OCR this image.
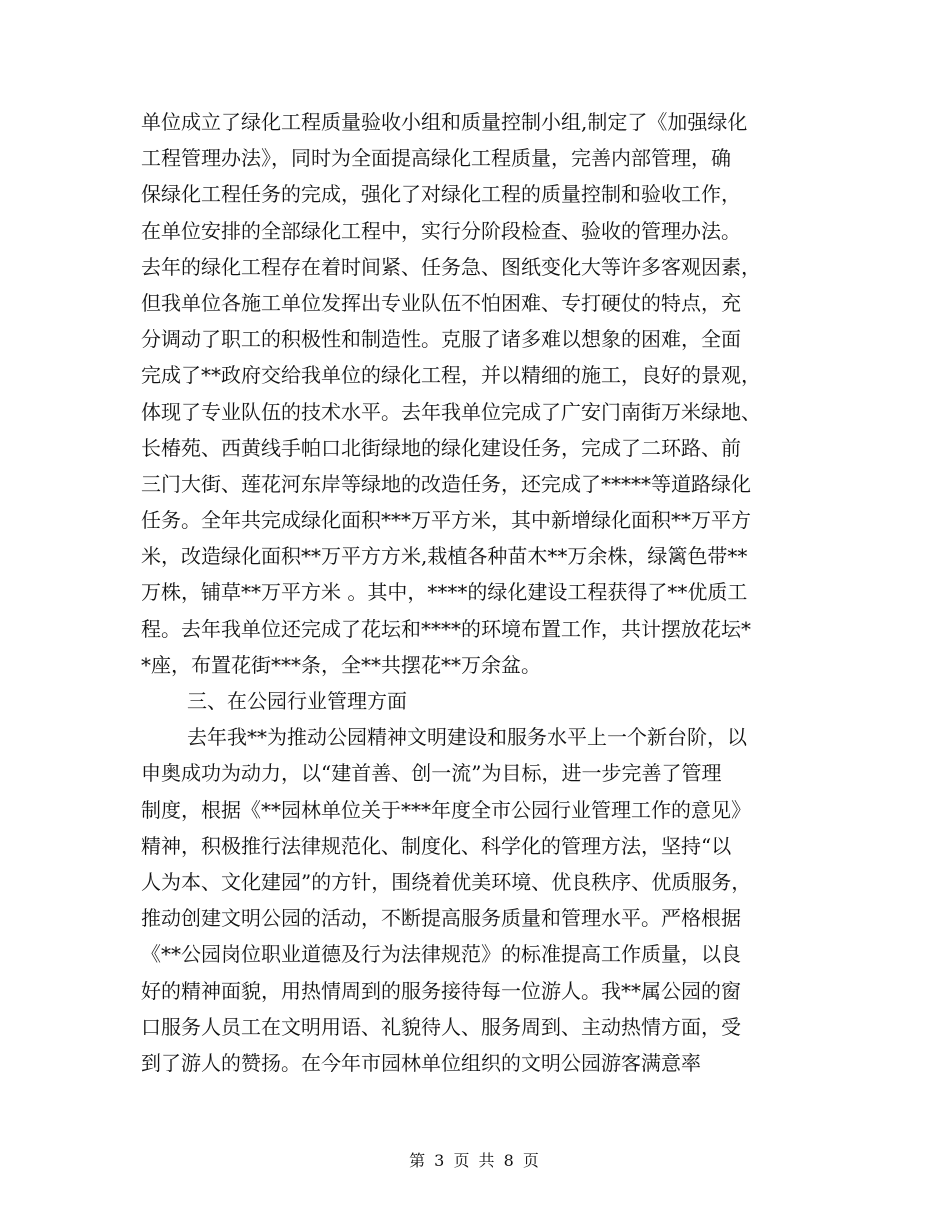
单位成立了绿化工程质量验收小组和质量控制小组,制定了《加强绿化
工程管理办法》，同时为全面提高绿化工程质量，完善内部管理，确
保绿化工程任务的完成，强化了对绿化工程的质量控制和验收工作，
在单位安排的全部绿化工程中，实行分阶段检查、验收的管理办法。
去年的绿化工程存在着时间紧、任务急、图纸变化大等许多客观因素，
但我单位各施工单位发挥出专业队伍不怕困难、专打硬仗的特点，充
分调动了职工的积极性和制造性。克服了诸多难以想象的困难，全面
完成了**政府交给我单位的绿化工程，并以精细的施工，良好的景观，
体现了专业队伍的技术水平。去年我单位完成了广安门南街万米绿地、
长椿苑、西黄线手帕口北街绿地的绿化建设任务，完成了二环路、前
三门大街、莲花河东岸等绿地的改造任务，还完成了*****等道路绿化
任务。全年共完成绿化面积***万平方米，其中新增绿化面积**万平方
米，改造绿化面积**万平方方米,栽植各种苗木**万余株，绿篱色带**
万株，铺草**万平方米 。其中，****的绿化建设工程获得了**优质工
程。去年我单位还完成了花坛和****的环境布置工作，共计摆放花坛*
*座，布置花街***条，全**共摆花**万余盆。
三、在公园行业管理方面
去年我**为推动公园精神文明建设和服务水平上一个新台阶，以
申奥成功为动力，以“建首善、创一流”为目标，进一步完善了管理
制度，根据《**园林单位关于***年度全市公园行业管理工作的意见》
精神，积极推行法律规范化、制度化、科学化的管理方法，坚持“以
人为本、文化建园”的方针，围绕着优美环境、优良秩序、优质服务，
推动创建文明公园的活动，不断提高服务质量和管理水平。严格根据
《**公园岗位职业道德及行为法律规范》的标准提高工作质量，以良
好的精神面貌，用热情周到的服务接待每一位游人。我**属公园的窗
口服务人员工在文明用语、礼貌待人、服务周到、主动热情方面，受
到了游人的赞扬。在今年市园林单位组织的文明公园游客满意率
第 3 页 共 8 页
